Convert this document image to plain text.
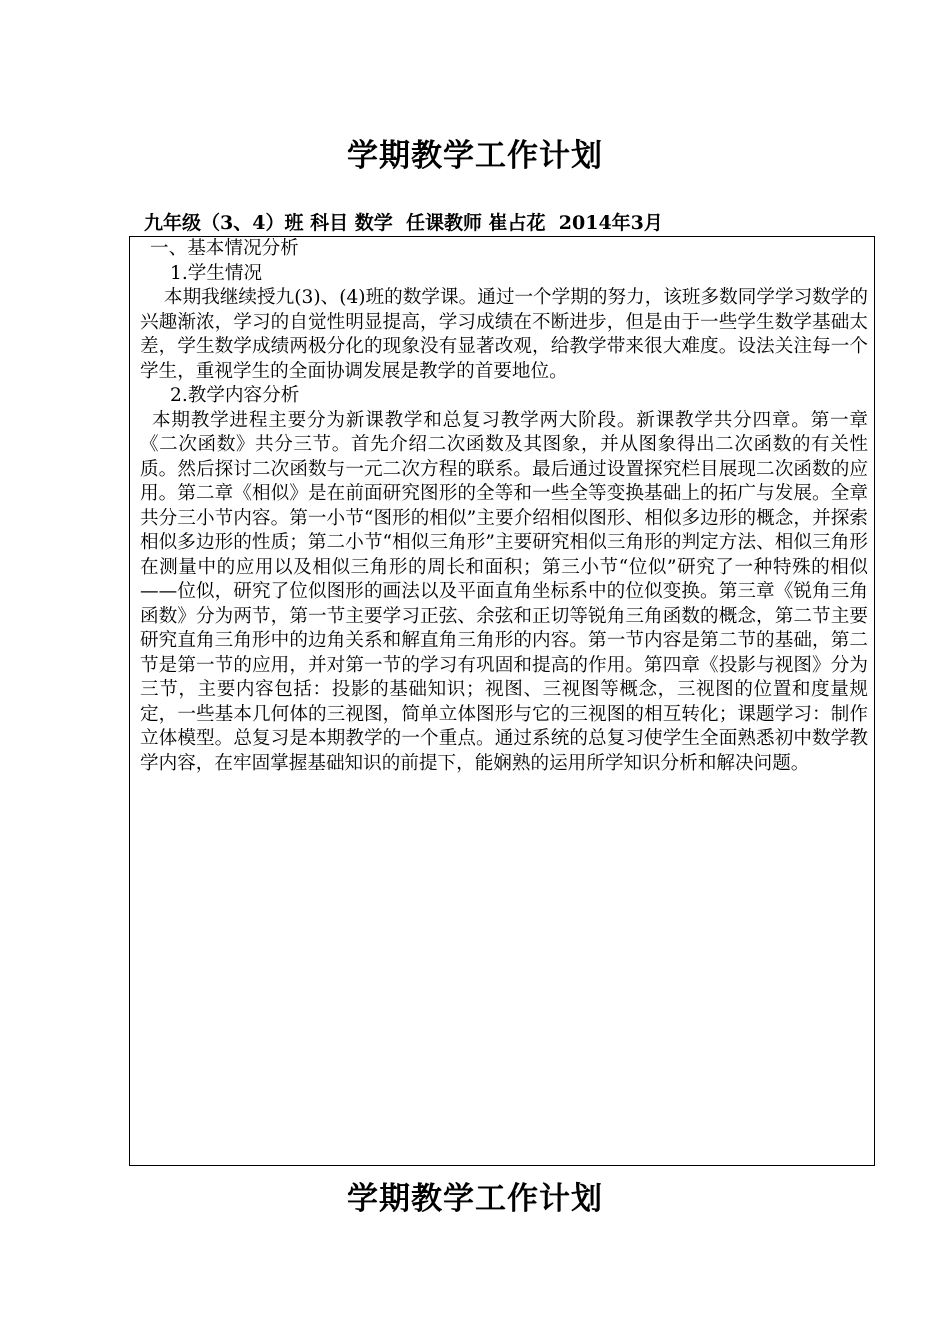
学期教学工作计划
九年级（3、4）班 科目 数学 任课教师 崔占花 2014年3月

一、基本情况分析

1.学生情况

本期我继续授九(3)、(4)班的数学课。通过一个学期的努力，该班多数同学学习数学的兴趣渐浓，学习的自觉性明显提高，学习成绩在不断进步，但是由于一些学生数学基础太差，学生数学成绩两极分化的现象没有显著改观，给教学带来很大难度。设法关注每一个学生，重视学生的全面协调发展是教学的首要地位。

2.教学内容分析

本期教学进程主要分为新课教学和总复习教学两大阶段。新课教学共分四章。第一章《二次函数》共分三节。首先介绍二次函数及其图象，并从图象得出二次函数的有关性质。然后探讨二次函数与一元二次方程的联系。最后通过设置探究栏目展现二次函数的应用。第二章《相似》是在前面研究图形的全等和一些全等变换基础上的拓广与发展。全章共分三小节内容。第一小节“图形的相似”主要介绍相似图形、相似多边形的概念，并探索相似多边形的性质；第二小节“相似三角形”主要研究相似三角形的判定方法、相似三角形在测量中的应用以及相似三角形的周长和面积；第三小节“位似”研究了一种特殊的相似——位似，研究了位似图形的画法以及平面直角坐标系中的位似变换。第三章《锐角三角函数》分为两节，第一节主要学习正弦、余弦和正切等锐角三角函数的概念，第二节主要研究直角三角形中的边角关系和解直角三角形的内容。第一节内容是第二节的基础，第二节是第一节的应用，并对第一节的学习有巩固和提高的作用。第四章《投影与视图》分为三节，主要内容包括：投影的基础知识；视图、三视图等概念，三视图的位置和度量规定，一些基本几何体的三视图，简单立体图形与它的三视图的相互转化；课题学习：制作立体模型。总复习是本期教学的一个重点。通过系统的总复习使学生全面熟悉初中数学教学内容，在牢固掌握基础知识的前提下，能娴熟的运用所学知识分析和解决问题。

学期教学工作计划
